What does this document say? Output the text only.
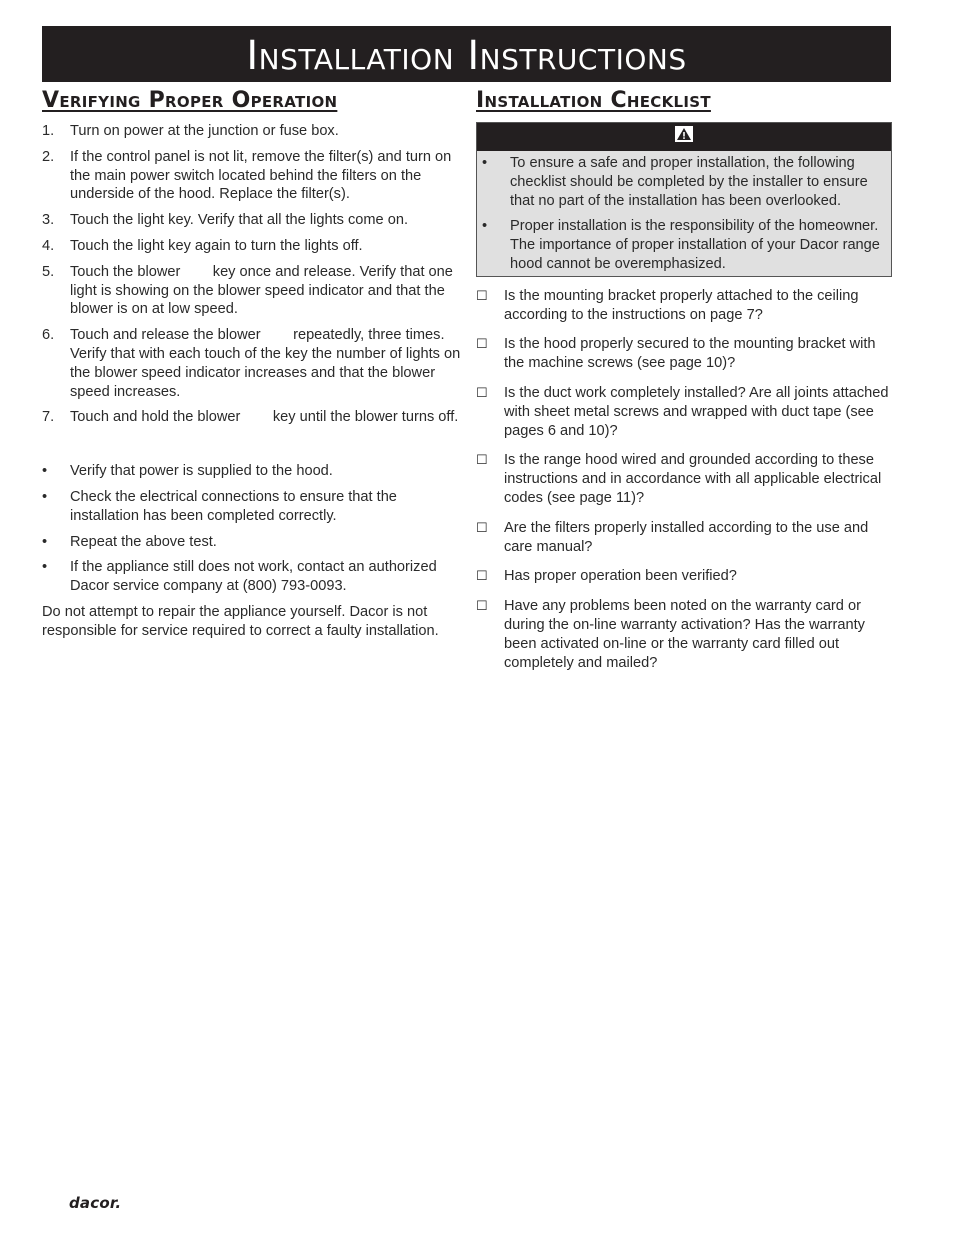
Installation Instructions
Verifying Proper Operation
1.	Turn on power at the junction or fuse box.
2.	If the control panel is not lit, remove the filter(s) and turn on the main power switch located behind the filters on the underside of the hood. Replace the filter(s).
3.	Touch the light key. Verify that all the lights come on.
4.	Touch the light key again to turn the lights off.
5.	Touch the blower        key once and release. Verify that one light is showing on the blower speed indicator and that the blower is on at low speed.
6.	Touch and release the blower        repeatedly, three times. Verify that with each touch of the key the number of lights on the blower speed indicator increases and that the blower speed increases.
7.	Touch and hold the blower        key until the blower turns off.
•	Verify that power is supplied to the hood.
•	Check the electrical connections to ensure that the installation has been completed correctly.
•	Repeat the above test.
•	If the appliance still does not work, contact an authorized Dacor service company at (800) 793-0093.

Do not attempt to repair the appliance yourself. Dacor is not responsible for service required to correct a faulty installation.

Installation Checklist
•	To ensure a safe and proper installation, the following checklist should be completed by the installer to ensure that no part of the installation has been overlooked.
•	Proper installation is the responsibility of the homeowner. The importance of proper installation of your Dacor range hood cannot be overemphasized.
☐	Is the mounting bracket properly attached to the ceiling according to the instructions on page 7?
☐	Is the hood properly secured to the mounting bracket with the machine screws (see page 10)?
☐	Is the duct work completely installed? Are all joints attached with sheet metal screws and wrapped with duct tape (see pages 6 and 10)?
☐	Is the range hood wired and grounded according to these instructions and in accordance with all applicable electrical codes (see page 11)?
☐	Are the filters properly installed according to the use and care manual?
☐	Has proper operation been verified?
☐	Have any problems been noted on the warranty card or during the on-line warranty activation? Has the warranty been activated on-line or the warranty card filled out completely and mailed?
dacor.
